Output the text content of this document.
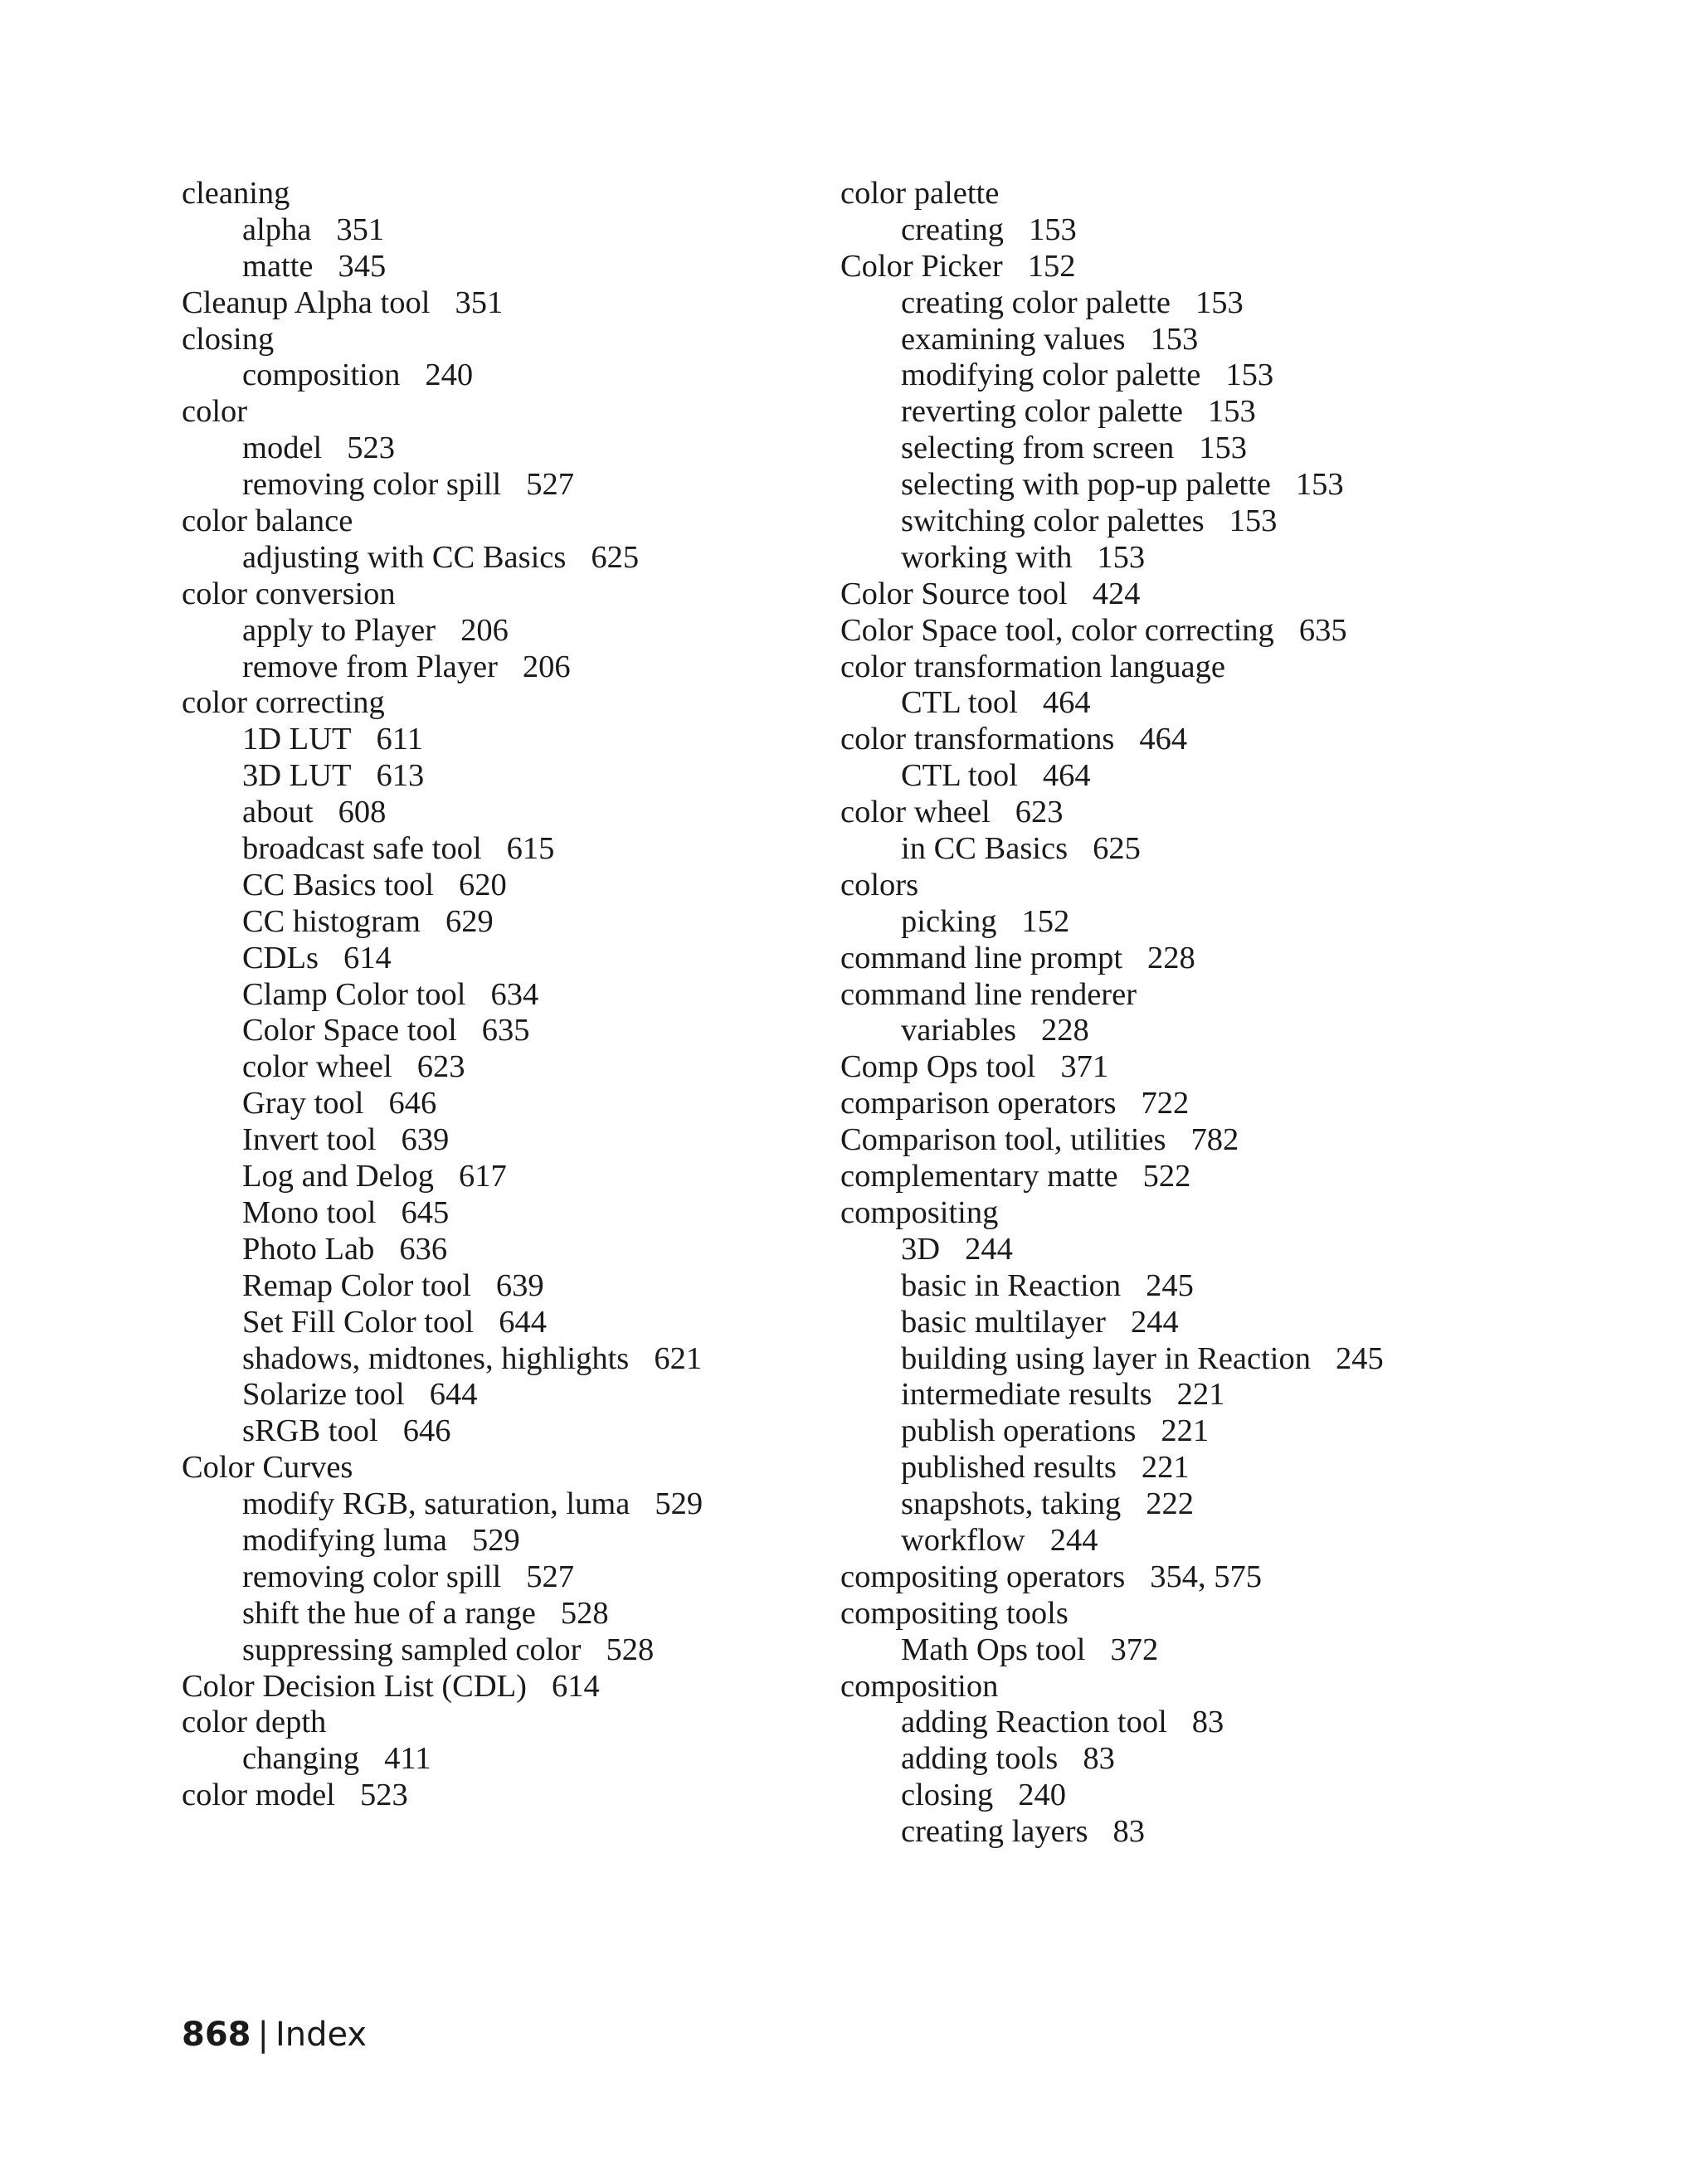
cleaning
alpha 351
matte 345
Cleanup Alpha tool 351
closing
composition 240
color
model 523
removing color spill 527
color balance
adjusting with CC Basics 625
color conversion
apply to Player 206
remove from Player 206
color correcting
1D LUT 611
3D LUT 613
about 608
broadcast safe tool 615
CC Basics tool 620
CC histogram 629
CDLs 614
Clamp Color tool 634
Color Space tool 635
color wheel 623
Gray tool 646
Invert tool 639
Log and Delog 617
Mono tool 645
Photo Lab 636
Remap Color tool 639
Set Fill Color tool 644
shadows, midtones, highlights 621
Solarize tool 644
sRGB tool 646
Color Curves
modify RGB, saturation, luma 529
modifying luma 529
removing color spill 527
shift the hue of a range 528
suppressing sampled color 528
Color Decision List (CDL) 614
color depth
changing 411
color model 523
color palette
creating 153
Color Picker 152
creating color palette 153
examining values 153
modifying color palette 153
reverting color palette 153
selecting from screen 153
selecting with pop-up palette 153
switching color palettes 153
working with 153
Color Source tool 424
Color Space tool, color correcting 635
color transformation language
CTL tool 464
color transformations 464
CTL tool 464
color wheel 623
in CC Basics 625
colors
picking 152
command line prompt 228
command line renderer
variables 228
Comp Ops tool 371
comparison operators 722
Comparison tool, utilities 782
complementary matte 522
compositing
3D 244
basic in Reaction 245
basic multilayer 244
building using layer in Reaction 245
intermediate results 221
publish operations 221
published results 221
snapshots, taking 222
workflow 244
compositing operators 354, 575
compositing tools
Math Ops tool 372
composition
adding Reaction tool 83
adding tools 83
closing 240
creating layers 83
868 | Index
